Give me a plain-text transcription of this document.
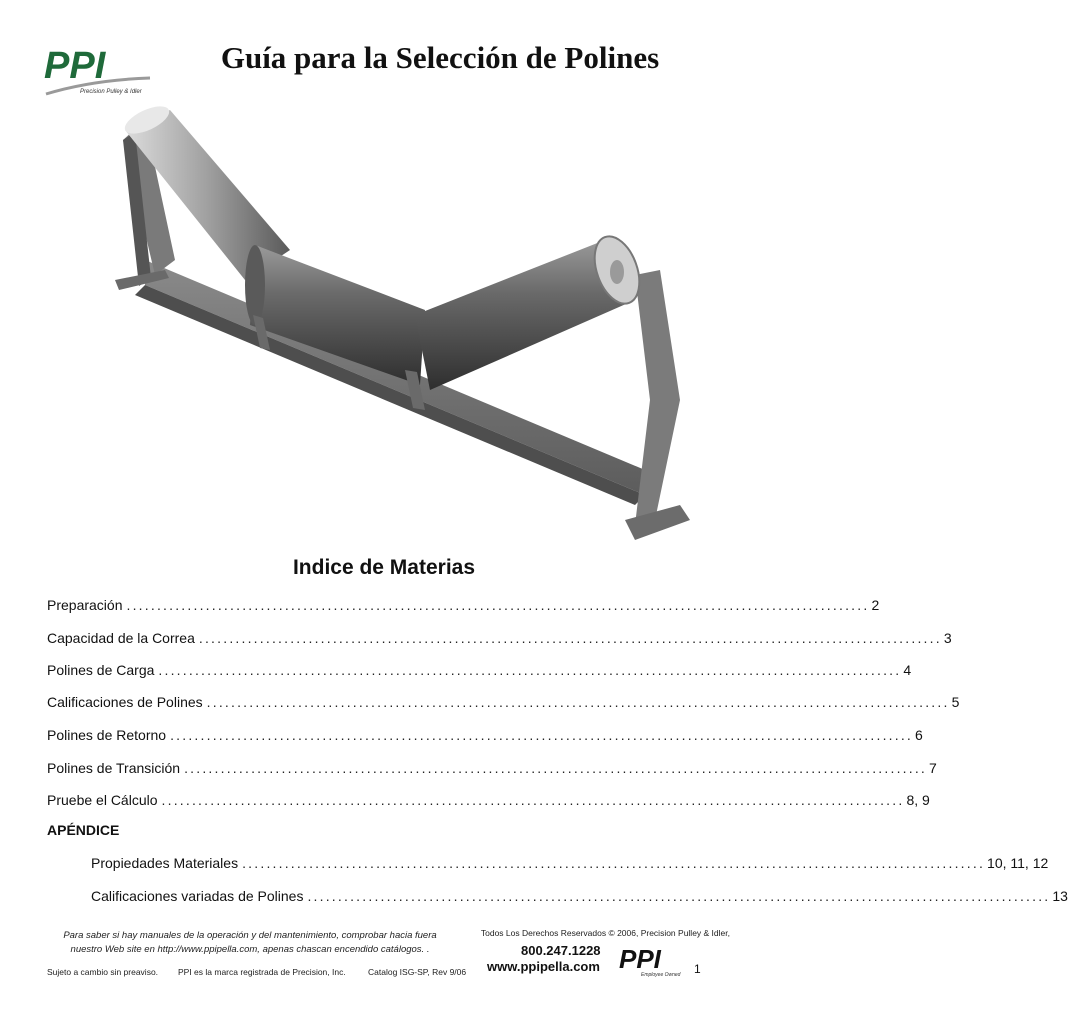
PPI
Precision Pulley & Idler
Guía para la Selección de Polines
Indice de Materias
Preparación .......................................................................................................................... 2
Capacidad de la Correa .......................................................................................................................... 3
Polines de Carga .......................................................................................................................... 4
Calificaciones de Polines .......................................................................................................................... 5
Polines de Retorno .......................................................................................................................... 6
Polines de Transición .......................................................................................................................... 7
Pruebe el Cálculo .......................................................................................................................... 8, 9
APÉNDICE
Propiedades Materiales .......................................................................................................................... 10, 11, 12
Calificaciones variadas de Polines .......................................................................................................................... 13
Para saber si hay manuales de la operación y del mantenimiento, comprobar hacia fuera
nuestro Web site en http://www.ppipella.com, apenas chascan encendido catálogos. .
Todos Los Derechos Reservados © 2006, Precision Pulley & Idler,
800.247.1228
www.ppipella.com PPI
Employee Owned
Sujeto a cambio sin preaviso. PPI es la marca registrada de Precision, Inc.	Catalog ISG-SP, Rev 9/06	1
